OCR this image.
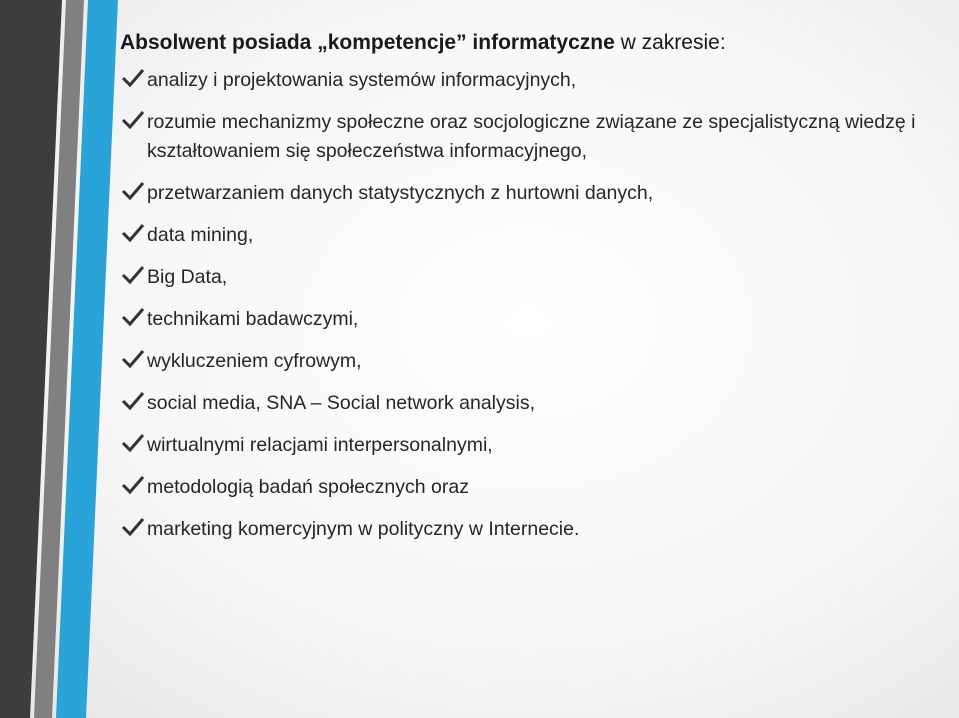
Absolwent posiada „kompetencje” informatyczne w zakresie:
analizy i projektowania systemów informacyjnych,
rozumie mechanizmy społeczne oraz socjologiczne związane ze specjalistyczną wiedzę i kształtowaniem się społeczeństwa informacyjnego,
przetwarzaniem danych statystycznych z hurtowni danych,
data mining,
Big Data,
technikami badawczymi,
wykluczeniem cyfrowym,
social media, SNA – Social network analysis,
wirtualnymi relacjami interpersonalnymi,
metodologią badań społecznych oraz
marketing komercyjnym w polityczny w Internecie.
